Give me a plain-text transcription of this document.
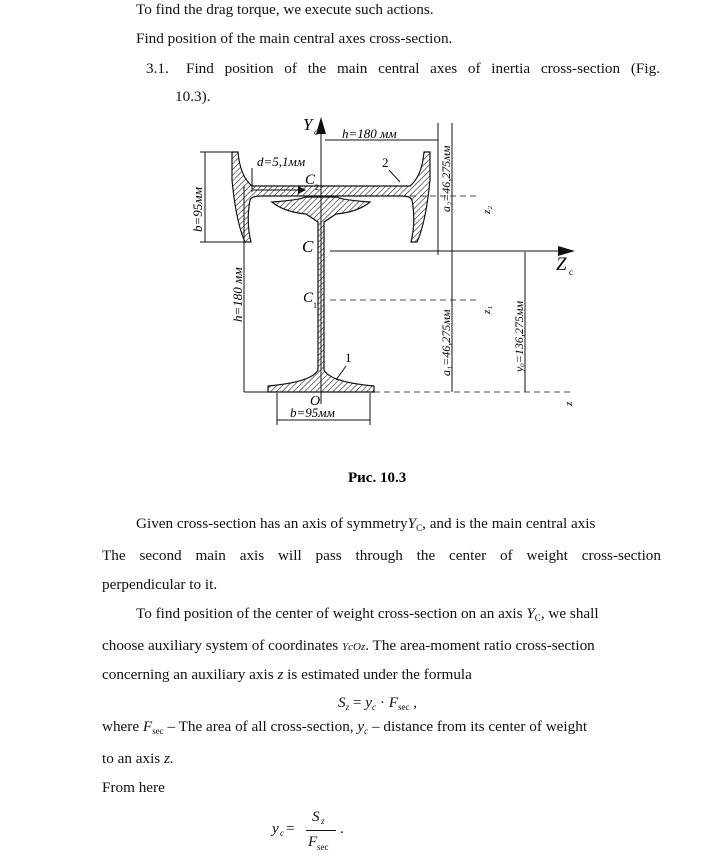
To find the drag torque, we execute such actions.
Find position of the main central axes cross-section.
3.1. Find position of the main central axes of inertia cross-section (Fig.
10.3).
Y c
Z c
d=5,1мм
h=180 мм
2
C 2
C
C 1
1
O
b=95мм
b=95мм
h=180 мм
z₂
a₂=46,275мм
a₁=46,275мм	z₁ yₒ=136,275мм
z
Рис. 10.3
Given cross-section has an axis of symmetryYC, and is the main central axis
The second main axis will pass through the center of weight cross-section
perpendicular to it.
To find position of the center of weight cross-section on an axis YC, we shall
choose auxiliary system of coordinates YcOz. The area-moment ratio cross-section
concerning an auxiliary axis z is estimated under the formula
Sz = yc · Fsec ,
where Fsec – The area of all cross-section, yc – distance from its center of weight
to an axis z.
From here
y c =
S z
F sec
.
